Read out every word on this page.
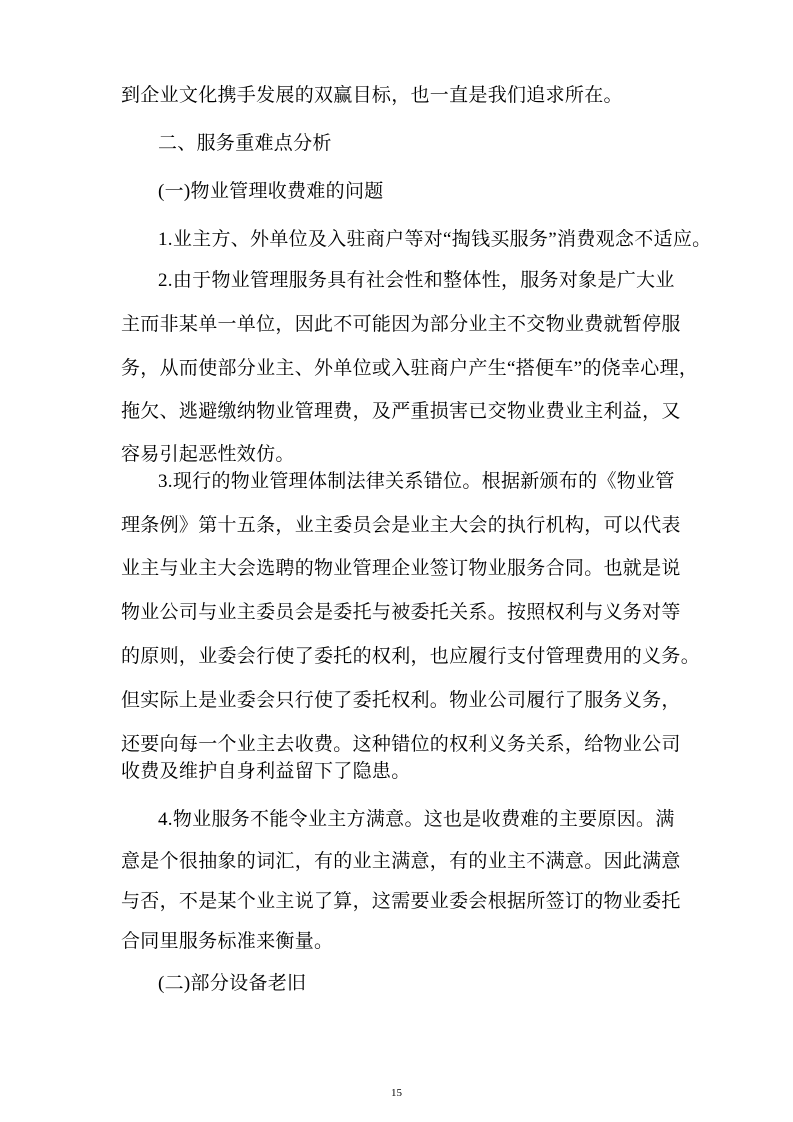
到企业文化携手发展的双赢目标，也一直是我们追求所在。
二、服务重难点分析
(一)物业管理收费难的问题
1.业主方、外单位及入驻商户等对“掏钱买服务”消费观念不适应。
2.由于物业管理服务具有社会性和整体性，服务对象是广大业
主而非某单一单位，因此不可能因为部分业主不交物业费就暂停服
务，从而使部分业主、外单位或入驻商户产生“搭便车”的侥幸心理，
拖欠、逃避缴纳物业管理费，及严重损害已交物业费业主利益，又
容易引起恶性效仿。
3.现行的物业管理体制法律关系错位。根据新颁布的《物业管
理条例》第十五条，业主委员会是业主大会的执行机构，可以代表
业主与业主大会选聘的物业管理企业签订物业服务合同。也就是说
物业公司与业主委员会是委托与被委托关系。按照权利与义务对等
的原则，业委会行使了委托的权利，也应履行支付管理费用的义务。
但实际上是业委会只行使了委托权利。物业公司履行了服务义务，
还要向每一个业主去收费。这种错位的权利义务关系，给物业公司
收费及维护自身利益留下了隐患。
4.物业服务不能令业主方满意。这也是收费难的主要原因。满
意是个很抽象的词汇，有的业主满意，有的业主不满意。因此满意
与否，不是某个业主说了算，这需要业委会根据所签订的物业委托
合同里服务标准来衡量。
(二)部分设备老旧
15
